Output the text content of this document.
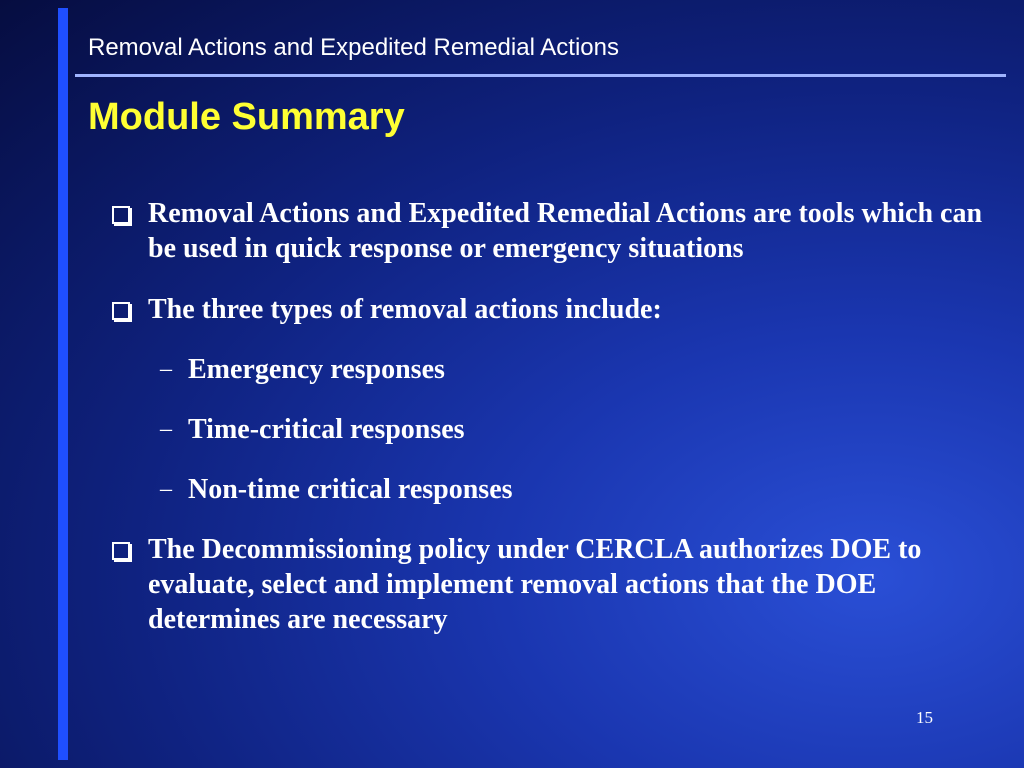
Removal Actions and Expedited Remedial Actions
Module Summary
Removal Actions and Expedited Remedial Actions are tools which can be used in quick response or emergency situations
The three types of removal actions include:
– Emergency responses
– Time-critical responses
– Non-time critical responses
The Decommissioning policy under CERCLA authorizes DOE to evaluate, select and implement removal actions that the DOE determines are necessary
15
